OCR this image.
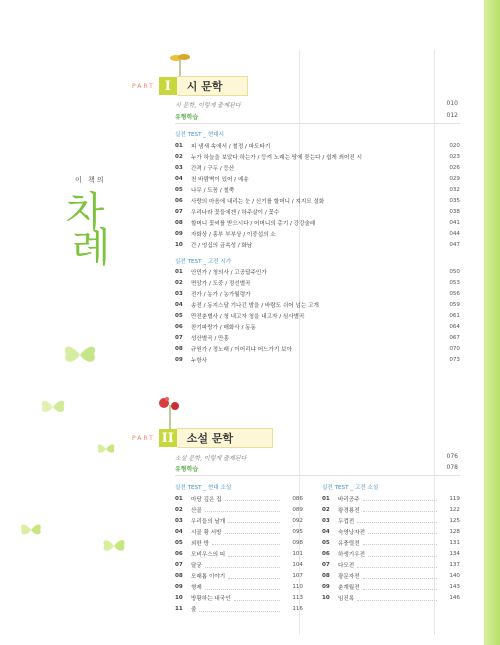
이 책의
차
례
PART I	시 문학
시 문학, 이렇게 출제된다	010
유형학습	012
실전 TEST _ 현대시
01	피 냄새 속에서 / 철정 / 파도타기	020
02	누가 하늘을 보았다 하는가 / 등켜 노래는 땅에 묻는다 / 쉽게 씌어진 시	023
03	간격 / 구두 / 등산	026
04	천 바람벽이 있어 / 예송	029
05	나무 / 도꼼 / 철쭉	032
06	사랑의 마음에 내리는 눈 / 신기를 할머니 / 지지모 설화	035
07	우리나라 꽃들에겐 / 하주살이 / 꽃수	038
08	할머니 꽃씨를 받으시다 / 어머니의 총기 / 강강술래	041
09	자화상 / 홍부 부부상 / 이중섭의 소	044
10	간 / 엉십의 금속성 / 화남	047
실전 TEST _ 고전 시가
01	안민가 / 청의사 / 고공답주인가	050
02	면앙가 / 도중 / 정선별곡	053
03	전가 / 농가 / 농가월령가	056
04	송전 / 동지스달 기나긴 밤을 / 바람도 쉬어 넘는 고개	059
05	만전춘별사 / 청 내고자 청을 내고자 / 심사별곡	061
06	찬기파랑가 / 매화사 / 동동	064
07	성산별곡 / 만흥	067
08	규원가 / 정노래 / 이어리냐 어느가기 보아	070
09	누항사	073
PART II	소설 문학
소설 문학, 이렇게 출제된다	076
유형학습	078
실전 TEST _ 현대 소설
01	마당 깊은 집	086
02	산골	089
03	우리들의 날개	092
04	시골 황 서방	095
05	외딴 방	098
06	모비우스의 띠	101
07	달궁	104
08	모래톱 이야기	107
09	형제	110
10	방황하는 내국인	113
11	줄	116
실전 TEST _ 고전 소설
01	바리공주	119
02	왕경룡전	122
03	두껍전	125
04	숙영낭자전	128
05	유충렬전	131
06	하생기우전	134
07	다모전	137
08	광문자전	140
09	춘계월전	143
10	임진록	146
